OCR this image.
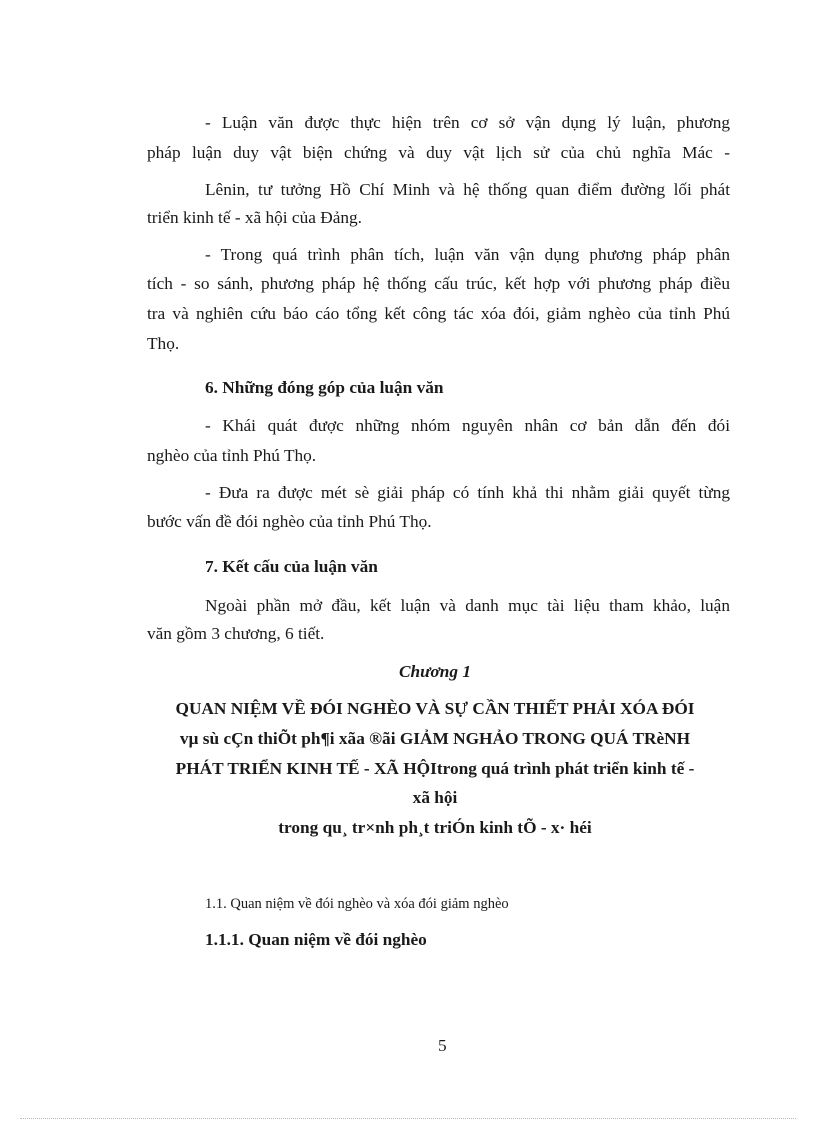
- Luận văn được thực hiện trên cơ sở vận dụng lý luận, phương
pháp luận duy vật biện chứng và duy vật lịch sử của chủ nghĩa Mác -
Lênin, tư tưởng Hồ Chí Minh và hệ thống quan điểm đường lối phát
triển kinh tế - xã hội của Đảng.
- Trong quá trình phân tích, luận văn vận dụng phương pháp phân
tích - so sánh, phương pháp hệ thống cấu trúc, kết hợp với phương pháp điều
tra và nghiên cứu báo cáo tổng kết công tác xóa đói, giảm nghèo của tỉnh Phú
Thọ.
6. Những đóng góp của luận văn
- Khái quát được những nhóm nguyên nhân cơ bản dẫn đến đói
nghèo của tỉnh Phú Thọ.
- Đưa ra được mét sè giải pháp có tính khả thi nhằm giải quyết từng
bước vấn đề đói nghèo của tỉnh Phú Thọ.
7. Kết cấu của luận văn
Ngoài phần mở đầu, kết luận và danh mục tài liệu tham khảo, luận
văn gồm 3 chương, 6 tiết.
Chương 1
QUAN NIỆM VỀ ĐÓI NGHÈO VÀ SỰ CẦN THIẾT PHẢI XÓA ĐÓI
vµ sù cÇn thiÕt ph¶i xãa ®ãi GIẢM NGHẢO TRONG QUÁ TRèNH
PHÁT TRIỂN KINH TẾ - XÃ HỘItrong quá trình phát triển kinh tế -
xã hội
trong qu¸ tr×nh ph¸t triÓn kinh tÕ - x· héi
1.1. Quan niệm về đói nghèo và xóa đói giảm nghèo
1.1.1. Quan niệm về đói nghèo
5
